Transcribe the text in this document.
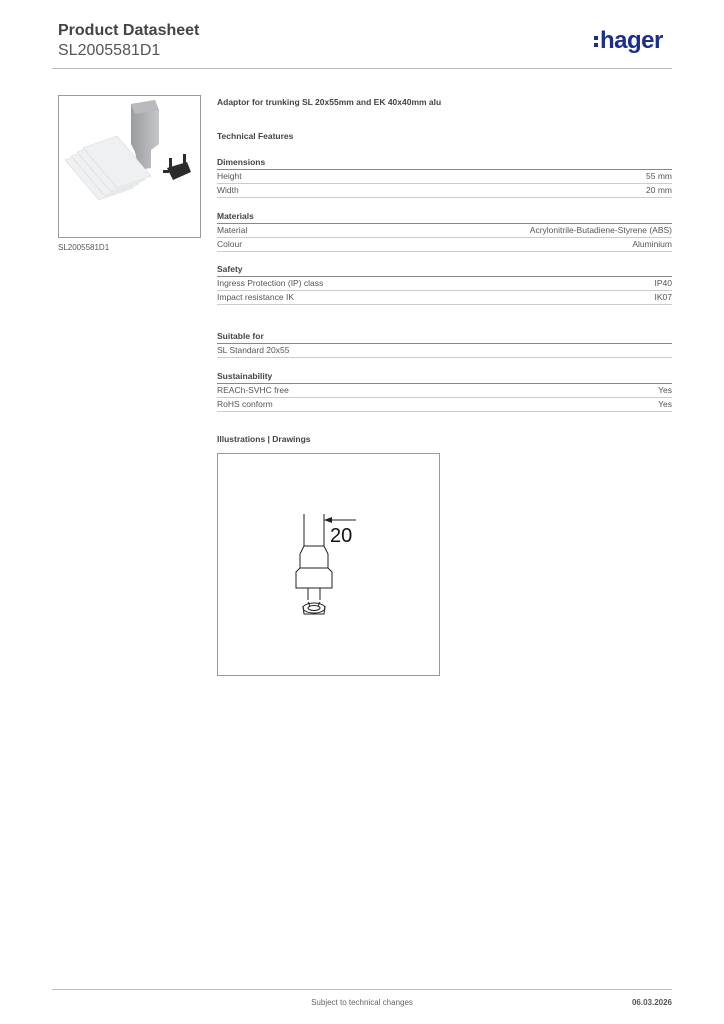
Product Datasheet
SL2005581D1	hager
SL2005581D1
Adaptor for trunking SL 20x55mm and EK 40x40mm alu
Technical Features
Dimensions
Height	55 mm
Width	20 mm
Materials
Material	Acrylonitrile-Butadiene-Styrene (ABS)
Colour	Aluminium
Safety
Ingress Protection (IP) class	IP40
Impact resistance IK	IK07
Suitable for
SL Standard 20x55
Sustainability
REACh-SVHC free	Yes
RoHS conform	Yes
Illustrations | Drawings
20
Subject to technical changes	06.03.2026
